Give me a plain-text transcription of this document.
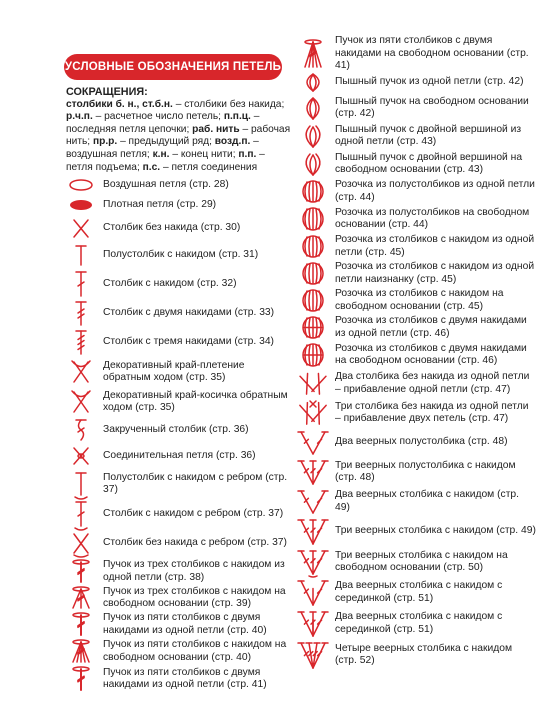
УСЛОВНЫЕ ОБОЗНАЧЕНИЯ ПЕТЕЛЬ
СОКРАЩЕНИЯ:
столбики б. н., ст.б.н. – столбики без накида; р.ч.п. – расчетное число петель; п.п.ц. – последняя петля цепочки; раб. нить – рабочая нить; пр.р. – предыдущий ряд; возд.п. – воздушная петля; к.н. – конец нити; п.п. – петля подъема; п.с. – петля соединения
Воздушная петля (стр. 28)
Плотная петля (стр. 29)
Столбик без накида (стр. 30)
Полустолбик с накидом (стр. 31)
Столбик с накидом (стр. 32)
Столбик с двумя накидами (стр. 33)
Столбик с тремя накидами (стр. 34)
Декоративный край-плетение обратным ходом (стр. 35)
Декоративный край-косичка обратным ходом (стр. 35)
Закрученный столбик (стр. 36)
Соединительная петля (стр. 36)
Полустолбик с накидом с ребром (стр. 37)
Столбик с накидом с ребром (стр. 37)
Столбик без накида с ребром (стр. 37)
Пучок из трех столбиков с накидом из одной петли (стр. 38)
Пучок из трех столбиков с накидом на свободном основании (стр. 39)
Пучок из пяти столбиков с двумя накидами из одной петли (стр. 40)
Пучок из пяти столбиков с накидом на свободном основании (стр. 40)
Пучок из пяти столбиков с двумя накидами из одной петли (стр. 41)
Пучок из пяти столбиков с двумя накидами на свободном основании (стр. 41)
Пышный пучок из одной петли (стр. 42)
Пышный пучок на свободном основании (стр. 42)
Пышный пучок с двойной вершиной из одной петли (стр. 43)
Пышный пучок с двойной вершиной на свободном основании (стр. 43)
Розочка из полустолбиков из одной петли (стр. 44)
Розочка из полустолбиков на свободном основании (стр. 44)
Розочка из столбиков с накидом из одной петли (стр. 45)
Розочка из столбиков с накидом из одной петли наизнанку (стр. 45)
Розочка из столбиков с накидом на свободном основании (стр. 45)
Розочка из столбиков с двумя накидами из одной петли (стр. 46)
Розочка из столбиков с двумя накидами на свободном основании (стр. 46)
Два столбика без накида из одной петли – прибавление одной петли (стр. 47)
Три столбика без накида из одной петли – прибавление двух петель (стр. 47)
Два веерных полустолбика (стр. 48)
Три веерных полустолбика с накидом (стр. 48)
Два веерных столбика с накидом (стр. 49)
Три веерных столбика с накидом (стр. 49)
Три веерных столбика с накидом на свободном основании (стр. 50)
Два веерных столбика с накидом с серединкой (стр. 51)
Два веерных столбика с накидом с серединкой (стр. 51)
Четыре веерных столбика с накидом (стр. 52)
